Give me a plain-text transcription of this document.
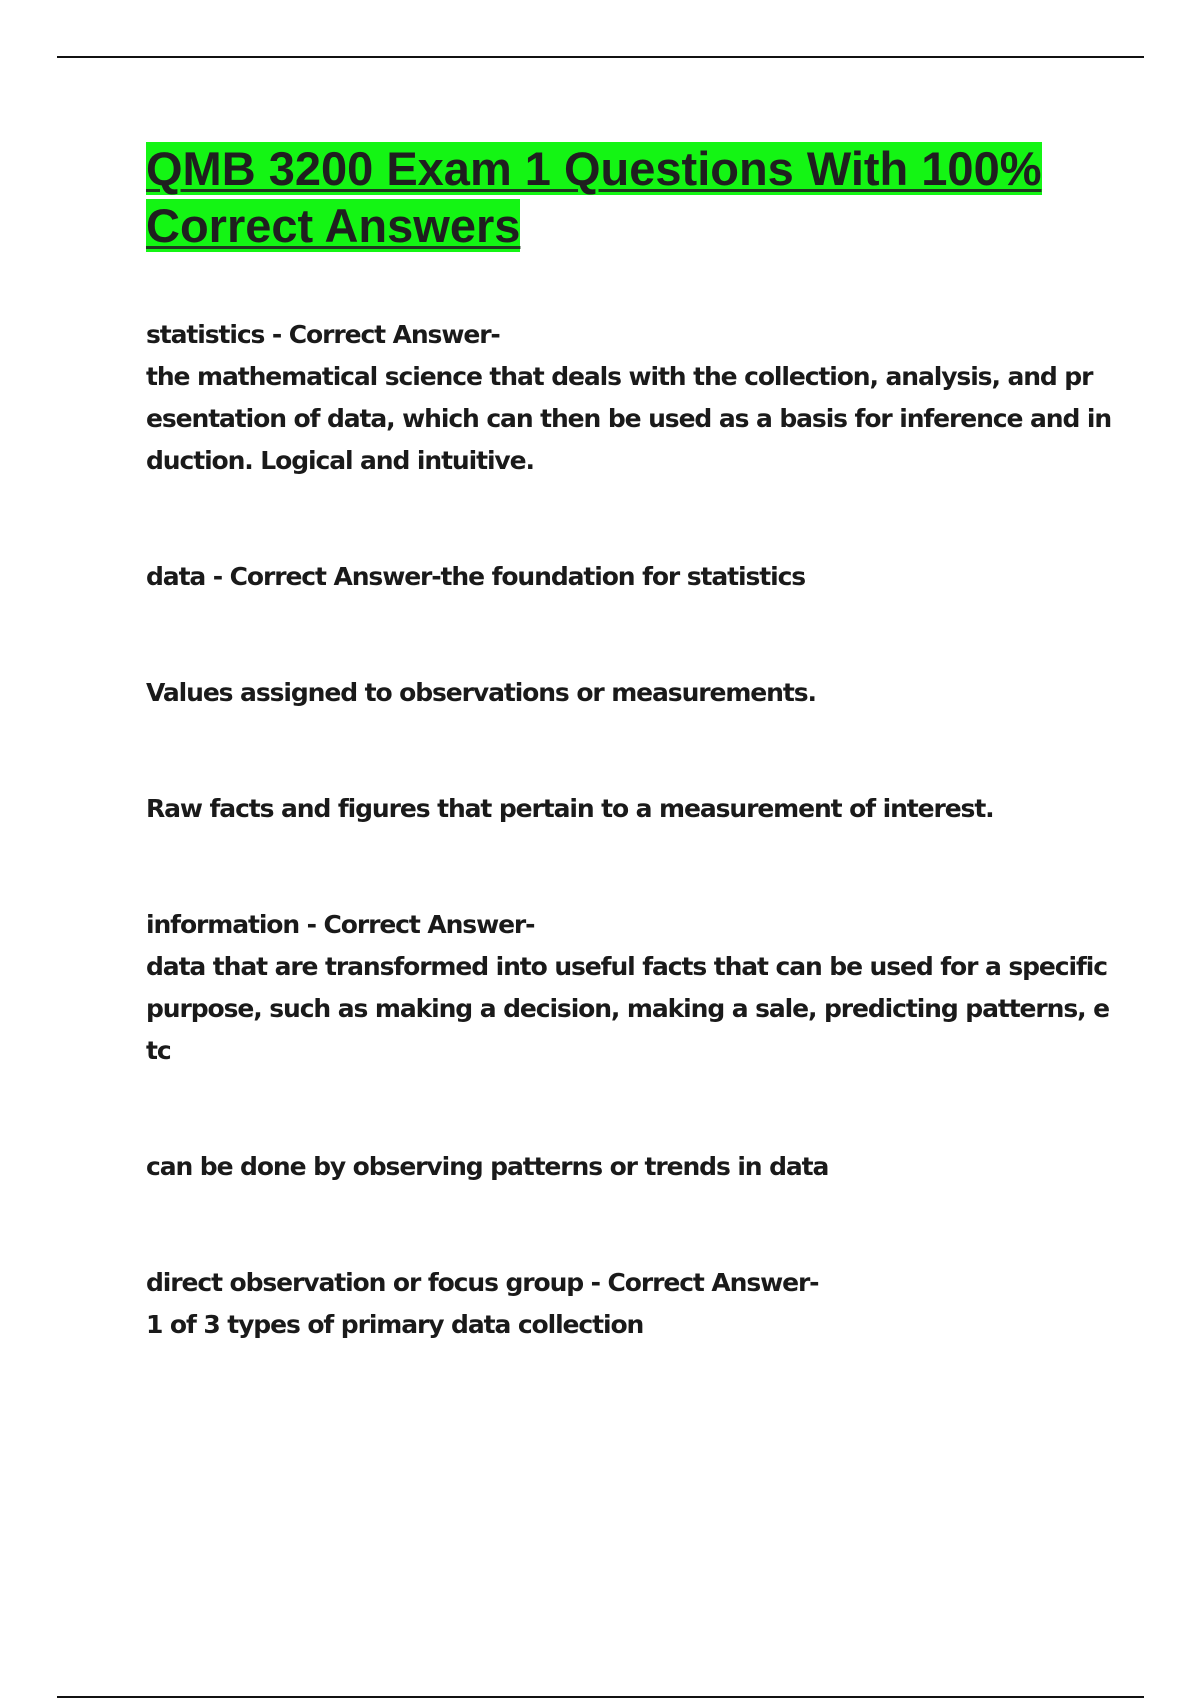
QMB 3200 Exam 1 Questions With 100%
Correct Answers

statistics - Correct Answer-
the mathematical science that deals with the collection, analysis, and pr
esentation of data, which can then be used as a basis for inference and in
duction. Logical and intuitive.

data - Correct Answer-the foundation for statistics

Values assigned to observations or measurements.

Raw facts and figures that pertain to a measurement of interest.

information - Correct Answer-
data that are transformed into useful facts that can be used for a specific
purpose, such as making a decision, making a sale, predicting patterns, e
tc

can be done by observing patterns or trends in data

direct observation or focus group - Correct Answer-
1 of 3 types of primary data collection
